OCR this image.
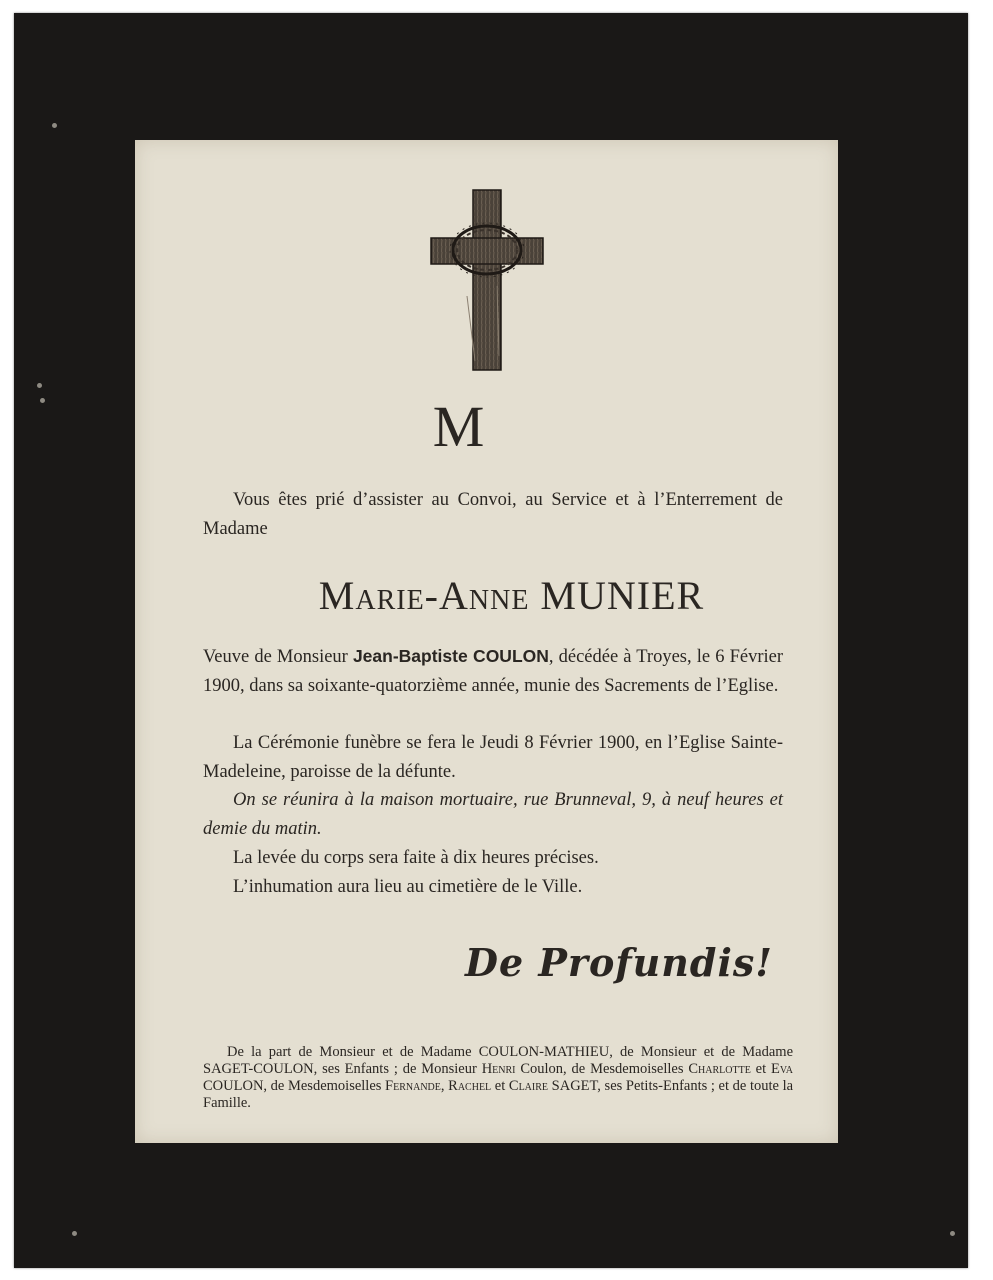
M
Vous êtes prié d’assister au Convoi, au Service et à l’Enterrement de Madame
Marie-Anne MUNIER
Veuve de Monsieur Jean-Baptiste COULON, décédée à Troyes, le 6 Février 1900, dans sa soixante-quatorzième année, munie des Sacrements de l’Eglise.
La Cérémonie funèbre se fera le Jeudi 8 Février 1900, en l’Eglise Sainte-Madeleine, paroisse de la défunte.
On se réunira à la maison mortuaire, rue Brunneval, 9, à neuf heures et demie du matin.
La levée du corps sera faite à dix heures précises.
L’inhumation aura lieu au cimetière de le Ville.
De Profundis!
De la part de Monsieur et de Madame COULON-MATHIEU, de Monsieur et de Madame SAGET-COULON, ses Enfants ; de Monsieur Henri Coulon, de Mesdemoiselles Charlotte et Eva COULON, de Mesdemoiselles Fernande, Rachel et Claire SAGET, ses Petits-Enfants ; et de toute la Famille.
